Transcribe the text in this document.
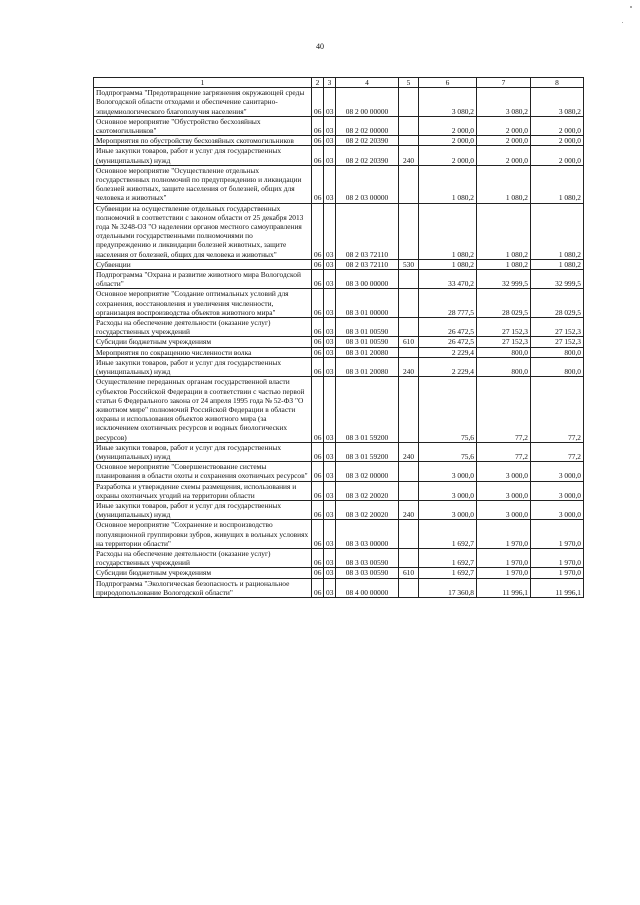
40
1	2	3	4	5	6	7	8
Подпрограмма "Предотвращение загрязнения окружающей среды Вологодской области отходами и обеспечение санитарно-эпидемиологического благополучия населения"	06	03	08 2 00 00000		3 080,2	3 080,2	3 080,2
Основное мероприятие "Обустройство бесхозяйных скотомогильников"	06	03	08 2 02 00000		2 000,0	2 000,0	2 000,0
Мероприятия по обустройству бесхозяйных скотомогильников	06	03	08 2 02 20390		2 000,0	2 000,0	2 000,0
Иные закупки товаров, работ и услуг для государственных (муниципальных) нужд	06	03	08 2 02 20390	240	2 000,0	2 000,0	2 000,0
Основное мероприятие "Осуществление отдельных государственных полномочий по предупреждению и ликвидации болезней животных, защите населения от болезней, общих для человека и животных"	06	03	08 2 03 00000		1 080,2	1 080,2	1 080,2
Субвенции на осуществление отдельных государственных полномочий в соответствии с законом области от 25 декабря 2013 года № 3248-ОЗ "О наделении органов местного самоуправления отдельными государственными полномочиями по предупреждению и ликвидации болезней животных, защите населения от болезней, общих для человека и животных"	06	03	08 2 03 72110		1 080,2	1 080,2	1 080,2
Субвенции	06	03	08 2 03 72110	530	1 080,2	1 080,2	1 080,2
Подпрограмма "Охрана и развитие животного мира Вологодской области"	06	03	08 3 00 00000		33 470,2	32 999,5	32 999,5
Основное мероприятие "Создание оптимальных условий для сохранения, восстановления и увеличения численности, организация воспроизводства объектов животного мира"	06	03	08 3 01 00000		28 777,5	28 029,5	28 029,5
Расходы на обеспечение деятельности (оказание услуг) государственных учреждений	06	03	08 3 01 00590		26 472,5	27 152,3	27 152,3
Субсидии бюджетным учреждениям	06	03	08 3 01 00590	610	26 472,5	27 152,3	27 152,3
Мероприятия по сокращению численности волка	06	03	08 3 01 20080		2 229,4	800,0	800,0
Иные закупки товаров, работ и услуг для государственных (муниципальных) нужд	06	03	08 3 01 20080	240	2 229,4	800,0	800,0
Осуществление переданных органам государственной власти субъектов Российской Федерации в соответствии с частью первой статьи 6 Федерального закона от 24 апреля 1995 года № 52-ФЗ "О животном мире" полномочий Российской Федерации в области охраны и использования объектов животного мира (за исключением охотничьих ресурсов и водных биологических ресурсов)	06	03	08 3 01 59200		75,6	77,2	77,2
Иные закупки товаров, работ и услуг для государственных (муниципальных) нужд	06	03	08 3 01 59200	240	75,6	77,2	77,2
Основное мероприятие "Совершенствование системы планирования в области охоты и сохранения охотничьих ресурсов"	06	03	08 3 02 00000		3 000,0	3 000,0	3 000,0
Разработка и утверждение схемы размещения, использования и охраны охотничьих угодий на территории области	06	03	08 3 02 20020		3 000,0	3 000,0	3 000,0
Иные закупки товаров, работ и услуг для государственных (муниципальных) нужд	06	03	08 3 02 20020	240	3 000,0	3 000,0	3 000,0
Основное мероприятие "Сохранение и воспроизводство популяционной группировки зубров, живущих в вольных условиях на территории области"	06	03	08 3 03 00000		1 692,7	1 970,0	1 970,0
Расходы на обеспечение деятельности (оказание услуг) государственных учреждений	06	03	08 3 03 00590		1 692,7	1 970,0	1 970,0
Субсидии бюджетным учреждениям	06	03	08 3 03 00590	610	1 692,7	1 970,0	1 970,0
Подпрограмма "Экологическая безопасность и рациональное природопользование Вологодской области"	06	03	08 4 00 00000		17 360,8	11 996,1	11 996,1
